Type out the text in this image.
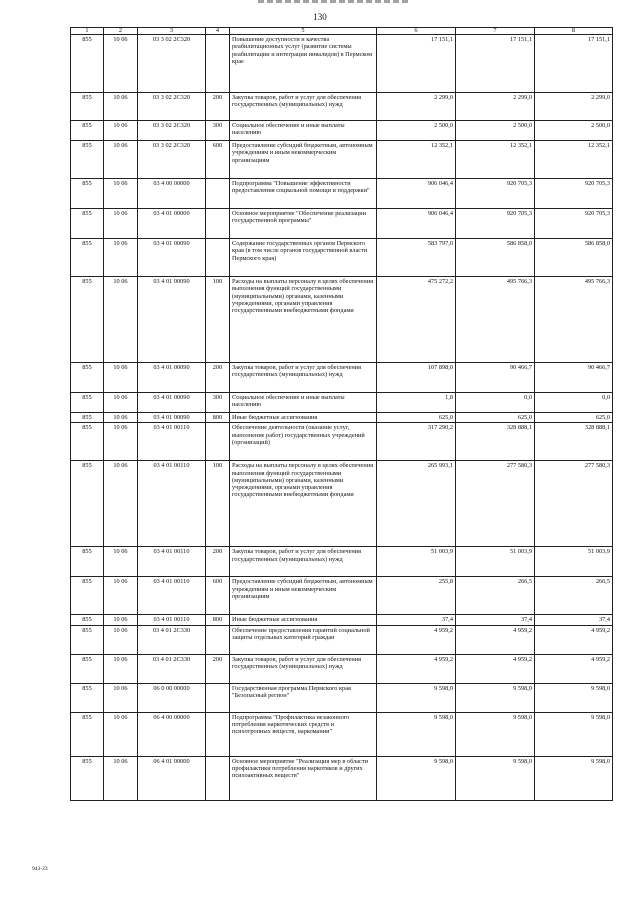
130
1	2	3	4	5	6	7	8
855	10 06	03 3 02 2С320		Повышение доступности и качества реабилитационных услуг (развитие системы реабилитации и интеграции инвалидов) в Пермском крае	17 151,1	17 151,1	17 151,1
855	10 06	03 3 02 2С320	200	Закупка товаров, работ и услуг для обеспечения государственных (муниципальных) нужд	2 299,0	2 299,0	2 299,0
855	10 06	03 3 02 2С320	300	Социальное обеспечение и иные выплаты населению	2 500,0	2 500,0	2 500,0
855	10 06	03 3 02 2С320	600	Предоставление субсидий бюджетным, автономным учреждениям и иным некоммерческим организациям	12 352,1	12 352,1	12 352,1
855	10 06	03 4 00 00000		Подпрограмма "Повышение эффективности предоставления социальной помощи и поддержки"	906 046,4	920 705,3	920 705,3
855	10 06	03 4 01 00000		Основное мероприятие "Обеспечение реализации государственной программы"	906 046,4	920 705,3	920 705,3
855	10 06	03 4 01 00090		Содержание государственных органов Пермского края (в том числе органов государственной власти Пермского края)	583 797,0	586 858,0	586 858,0
855	10 06	03 4 01 00090	100	Расходы на выплаты персоналу в целях обеспечения выполнения функций государственными (муниципальными) органами, казенными учреждениями, органами управления государственными внебюджетными фондами	475 272,2	495 766,3	495 766,3
855	10 06	03 4 01 00090	200	Закупка товаров, работ и услуг для обеспечения государственных (муниципальных) нужд	107 898,0	90 466,7	90 466,7
855	10 06	03 4 01 00090	300	Социальное обеспечение и иные выплаты населению	1,8	0,0	0,0
855	10 06	03 4 01 00090	800	Иные бюджетные ассигнования	625,0	625,0	625,0
855	10 06	03 4 01 00110		Обеспечение деятельности (оказание услуг, выполнение работ) государственных учреждений (организаций)	317 290,2	328 888,1	328 888,1
855	10 06	03 4 01 00110	100	Расходы на выплаты персоналу в целях обеспечения выполнения функций государственными (муниципальными) органами, казенными учреждениями, органами управления государственными внебюджетными фондами	265 993,1	277 580,3	277 580,3
855	10 06	03 4 01 00110	200	Закупка товаров, работ и услуг для обеспечения государственных (муниципальных) нужд	51 003,9	51 003,9	51 003,9
855	10 06	03 4 01 00110	600	Предоставление субсидий бюджетным, автономным учреждениям и иным некоммерческим организациям	255,8	266,5	266,5
855	10 06	03 4 01 00110	800	Иные бюджетные ассигнования	37,4	37,4	37,4
855	10 06	03 4 01 2С330		Обеспечение предоставления гарантий социальной защиты отдельных категорий граждан	4 959,2	4 959,2	4 959,2
855	10 06	03 4 01 2С330	200	Закупка товаров, работ и услуг для обеспечения государственных (муниципальных) нужд	4 959,2	4 959,2	4 959,2
855	10 06	06 0 00 00000		Государственная программа Пермского края "Безопасный регион"	9 598,0	9 598,0	9 598,0
855	10 06	06 4 00 00000		Подпрограмма "Профилактика незаконного потребления наркотических средств и психотропных веществ, наркомании"	9 598,0	9 598,0	9 598,0
855	10 06	06 4 01 00000		Основное мероприятие "Реализация мер в области профилактики потребления наркотиков и других психоактивных веществ"	9 598,0	9 598,0	9 598,0
943-23
